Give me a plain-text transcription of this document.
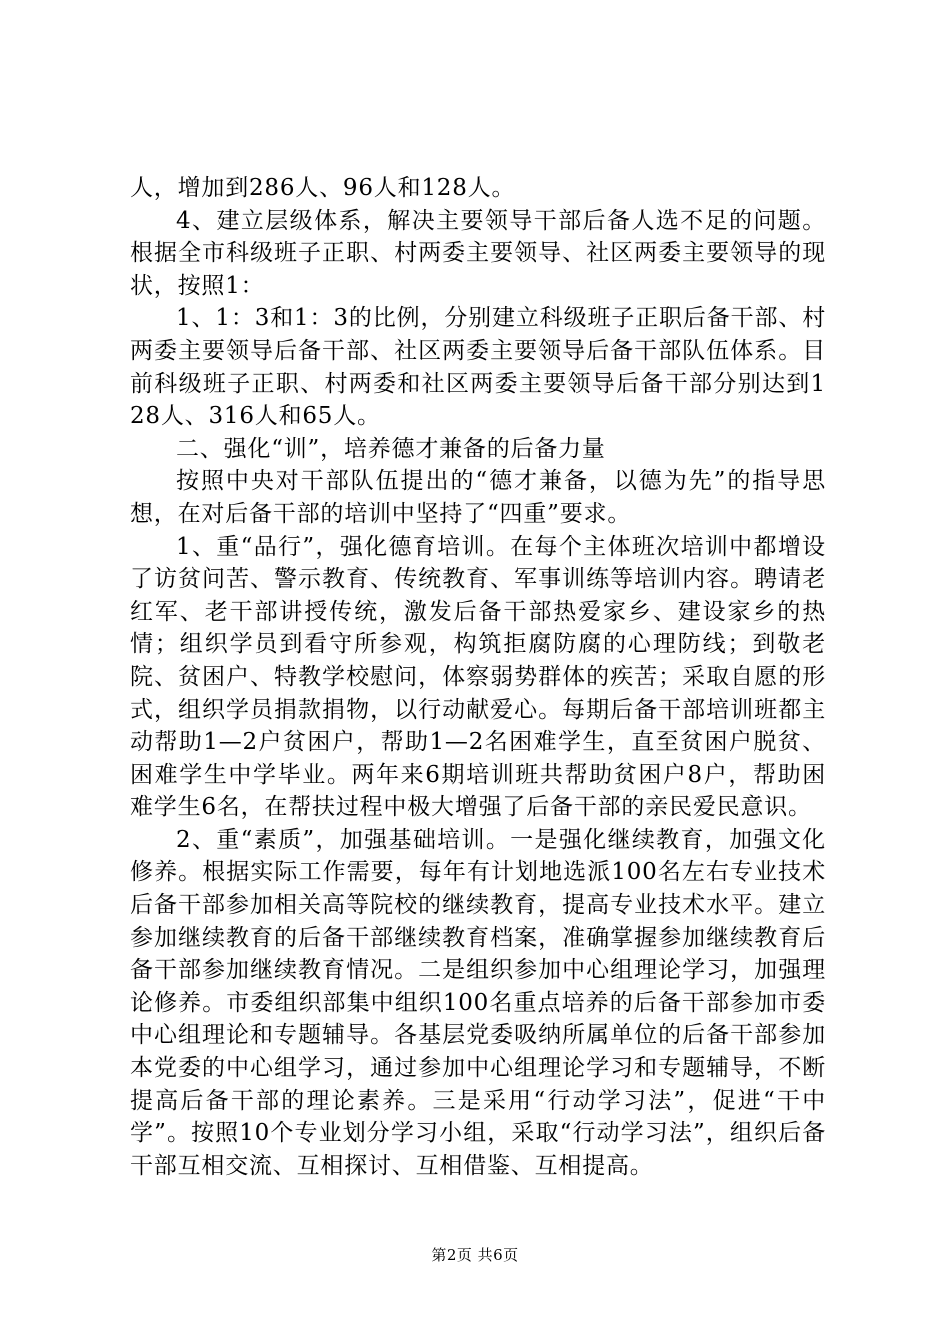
人，增加到286人、96人和128人。

4、建立层级体系，解决主要领导干部后备人选不足的问题。根据全市科级班子正职、村两委主要领导、社区两委主要领导的现状，按照1：

1、1：3和1：3的比例，分别建立科级班子正职后备干部、村两委主要领导后备干部、社区两委主要领导后备干部队伍体系。目前科级班子正职、村两委和社区两委主要领导后备干部分别达到128人、316人和65人。

二、强化“训”，培养德才兼备的后备力量

按照中央对干部队伍提出的“德才兼备，以德为先”的指导思想，在对后备干部的培训中坚持了“四重”要求。

1、重“品行”，强化德育培训。在每个主体班次培训中都增设了访贫问苦、警示教育、传统教育、军事训练等培训内容。聘请老红军、老干部讲授传统，激发后备干部热爱家乡、建设家乡的热情；组织学员到看守所参观，构筑拒腐防腐的心理防线；到敬老院、贫困户、特教学校慰问，体察弱势群体的疾苦；采取自愿的形式，组织学员捐款捐物，以行动献爱心。每期后备干部培训班都主动帮助1—2户贫困户，帮助1—2名困难学生，直至贫困户脱贫、困难学生中学毕业。两年来6期培训班共帮助贫困户8户，帮助困难学生6名，在帮扶过程中极大增强了后备干部的亲民爱民意识。

2、重“素质”，加强基础培训。一是强化继续教育，加强文化修养。根据实际工作需要，每年有计划地选派100名左右专业技术后备干部参加相关高等院校的继续教育，提高专业技术水平。建立参加继续教育的后备干部继续教育档案，准确掌握参加继续教育后备干部参加继续教育情况。二是组织参加中心组理论学习，加强理论修养。市委组织部集中组织100名重点培养的后备干部参加市委中心组理论和专题辅导。各基层党委吸纳所属单位的后备干部参加本党委的中心组学习，通过参加中心组理论学习和专题辅导，不断提高后备干部的理论素养。三是采用“行动学习法”，促进“干中学”。按照10个专业划分学习小组，采取“行动学习法”，组织后备干部互相交流、互相探讨、互相借鉴、互相提高。

第2页 共6页
